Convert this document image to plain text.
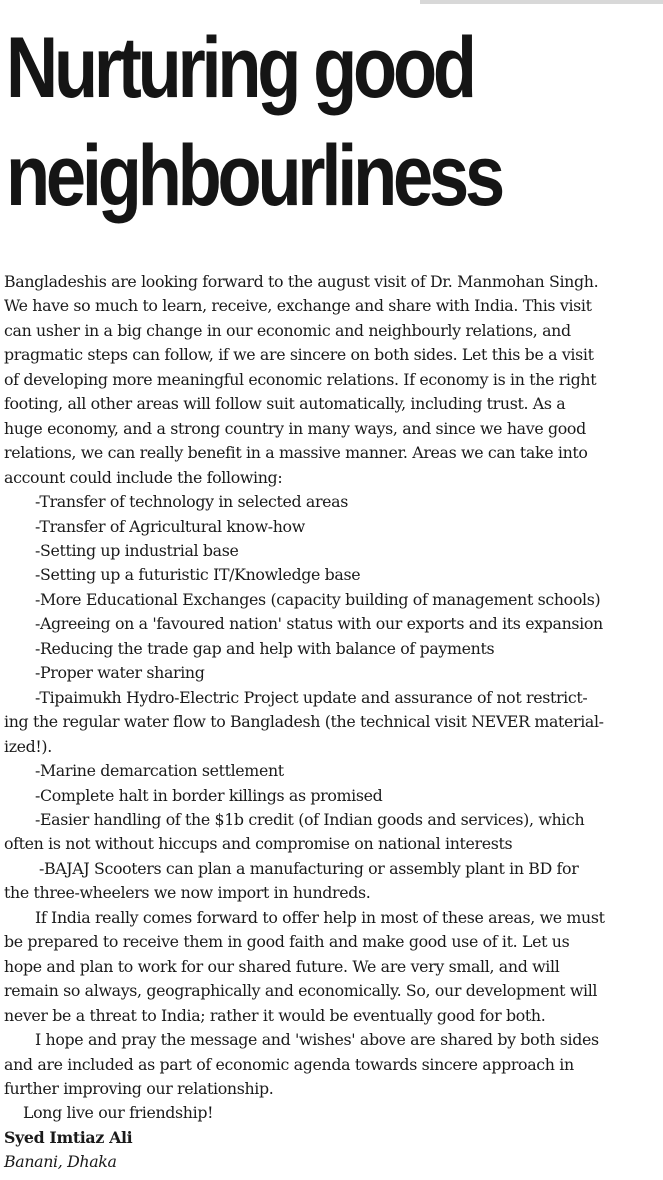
Nurturing good
neighbourliness

Bangladeshis are looking forward to the august visit of Dr. Manmohan Singh.

We have so much to learn, receive, exchange and share with India. This visit

can usher in a big change in our economic and neighbourly relations, and

pragmatic steps can follow, if we are sincere on both sides. Let this be a visit

of developing more meaningful economic relations. If economy is in the right

footing, all other areas will follow suit automatically, including trust. As a

huge economy, and a strong country in many ways, and since we have good

relations, we can really benefit in a massive manner. Areas we can take into

account could include the following:

-Transfer of technology in selected areas

-Transfer of Agricultural know-how

-Setting up industrial base

-Setting up a futuristic IT/Knowledge base

-More Educational Exchanges (capacity building of management schools)

-Agreeing on a 'favoured nation' status with our exports and its expansion

-Reducing the trade gap and help with balance of payments

-Proper water sharing

-Tipaimukh Hydro-Electric Project update and assurance of not restrict-

ing the regular water flow to Bangladesh (the technical visit NEVER material-

ized!).

-Marine demarcation settlement

-Complete halt in border killings as promised

-Easier handling of the $1b credit (of Indian goods and services), which

often is not without hiccups and compromise on national interests

-BAJAJ Scooters can plan a manufacturing or assembly plant in BD for

the three-wheelers we now import in hundreds.

If India really comes forward to offer help in most of these areas, we must

be prepared to receive them in good faith and make good use of it. Let us

hope and plan to work for our shared future. We are very small, and will

remain so always, geographically and economically. So, our development will

never be a threat to India; rather it would be eventually good for both.

I hope and pray the message and 'wishes' above are shared by both sides

and are included as part of economic agenda towards sincere approach in

further improving our relationship.

Long live our friendship!

Syed Imtiaz Ali

Banani, Dhaka
